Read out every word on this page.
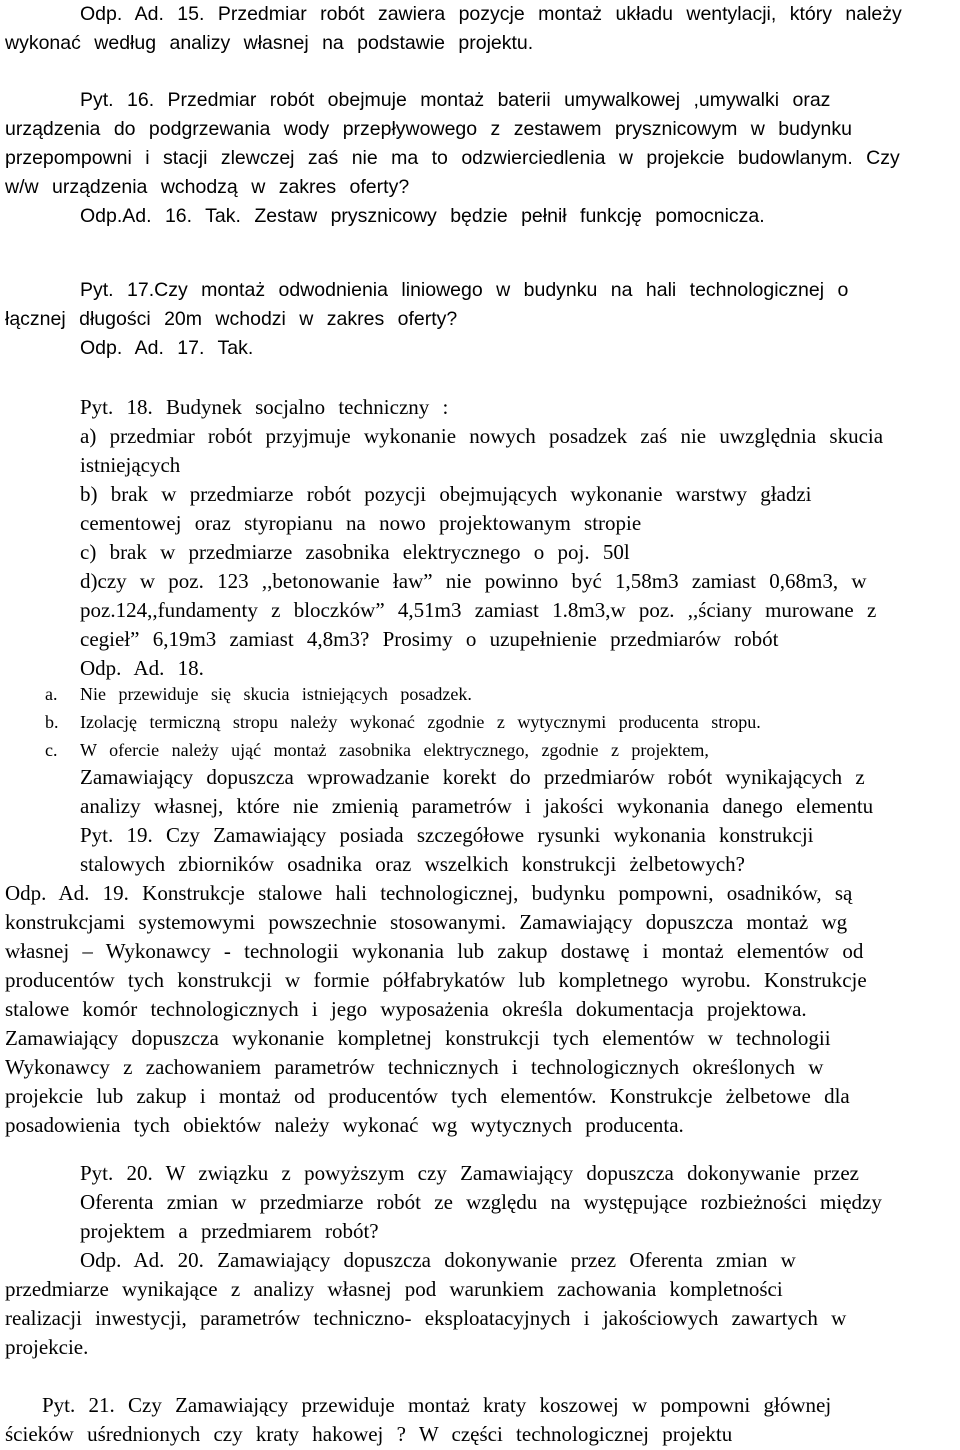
Odp. Ad. 15. Przedmiar robót zawiera pozycje montaż układu wentylacji, który należy
wykonać według analizy własnej na podstawie projektu.
Pyt. 16. Przedmiar robót obejmuje montaż baterii umywalkowej ,umywalki oraz
urządzenia do podgrzewania wody przepływowego z zestawem prysznicowym w budynku
przepompowni i stacji zlewczej zaś nie ma to odzwierciedlenia w projekcie budowlanym. Czy
w/w urządzenia wchodzą w zakres oferty?
Odp.Ad. 16. Tak. Zestaw prysznicowy będzie pełnił funkcję pomocnicza.
Pyt. 17.Czy montaż odwodnienia liniowego w budynku na hali technologicznej o
łącznej długości 20m wchodzi w zakres oferty?
Odp. Ad. 17. Tak.
Pyt. 18. Budynek socjalno techniczny :
a) przedmiar robót przyjmuje wykonanie nowych posadzek zaś nie uwzględnia skucia
istniejących
b) brak w przedmiarze robót pozycji obejmujących wykonanie warstwy gładzi
cementowej oraz styropianu na nowo projektowanym stropie
c) brak w przedmiarze zasobnika elektrycznego o poj. 50l
d)czy w poz. 123 ,,betonowanie ław” nie powinno być 1,58m3 zamiast 0,68m3, w
poz.124,,fundamenty z bloczków” 4,51m3 zamiast 1.8m3,w poz. ,,ściany murowane z
cegieł” 6,19m3 zamiast 4,8m3? Prosimy o uzupełnienie przedmiarów robót
Odp. Ad. 18.
a. Nie przewiduje się skucia istniejących posadzek.
b. Izolację termiczną stropu należy wykonać zgodnie z wytycznymi producenta stropu.
c. W ofercie należy ująć montaż zasobnika elektrycznego, zgodnie z projektem,
Zamawiający dopuszcza wprowadzanie korekt do przedmiarów robót wynikających z
analizy własnej, które nie zmienią parametrów i jakości wykonania danego elementu
Pyt. 19. Czy Zamawiający posiada szczegółowe rysunki wykonania konstrukcji
stalowych zbiorników osadnika oraz wszelkich konstrukcji żelbetowych?
Odp. Ad. 19. Konstrukcje stalowe hali technologicznej, budynku pompowni, osadników, są
konstrukcjami systemowymi powszechnie stosowanymi. Zamawiający dopuszcza montaż wg
własnej – Wykonawcy - technologii wykonania lub zakup dostawę i montaż elementów od
producentów tych konstrukcji w formie półfabrykatów lub kompletnego wyrobu. Konstrukcje
stalowe komór technologicznych i jego wyposażenia określa dokumentacja projektowa.
Zamawiający dopuszcza wykonanie kompletnej konstrukcji tych elementów w technologii
Wykonawcy z zachowaniem parametrów technicznych i technologicznych określonych w
projekcie lub zakup i montaż od producentów tych elementów. Konstrukcje żelbetowe dla
posadowienia tych obiektów należy wykonać wg wytycznych producenta.
Pyt. 20. W związku z powyższym czy Zamawiający dopuszcza dokonywanie przez
Oferenta zmian w przedmiarze robót ze względu na występujące rozbieżności między
projektem a przedmiarem robót?
Odp. Ad. 20. Zamawiający dopuszcza dokonywanie przez Oferenta zmian w
przedmiarze wynikające z analizy własnej pod warunkiem zachowania kompletności
realizacji inwestycji, parametrów techniczno- eksploatacyjnych i jakościowych zawartych w
projekcie.
Pyt. 21. Czy Zamawiający przewiduje montaż kraty koszowej w pompowni głównej
ścieków uśrednionych czy kraty hakowej ? W części technologicznej projektu
